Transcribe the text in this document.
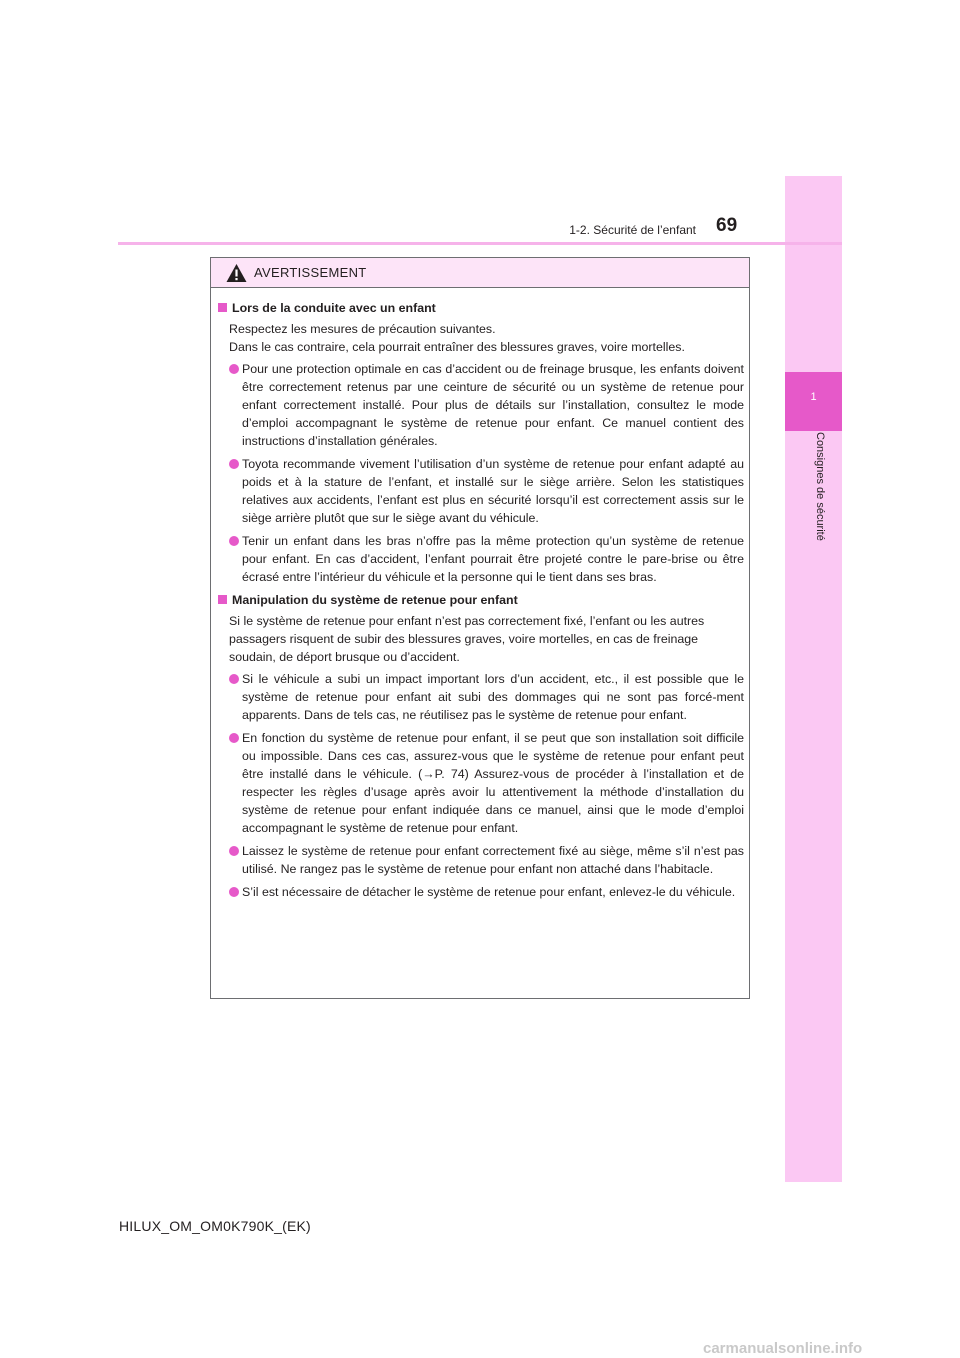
1
Consignes de sécurité
1-2. Sécurité de l’enfant 69
AVERTISSEMENT
Lors de la conduite avec un enfant

Respectez les mesures de précaution suivantes.

Dans le cas contraire, cela pourrait entraîner des blessures graves, voire mortelles.

Pour une protection optimale en cas d’accident ou de freinage brusque, les enfants doivent être correctement retenus par une ceinture de sécurité ou un système de retenue pour enfant correctement installé. Pour plus de détails sur l’installation, consultez le mode d’emploi accompagnant le système de retenue pour enfant. Ce manuel contient des instructions d’installation générales.
Toyota recommande vivement l’utilisation d’un système de retenue pour enfant adapté au poids et à la stature de l’enfant, et installé sur le siège arrière. Selon les statistiques relatives aux accidents, l’enfant est plus en sécurité lorsqu’il est correctement assis sur le siège arrière plutôt que sur le siège avant du véhicule.
Tenir un enfant dans les bras n’offre pas la même protection qu’un système de retenue pour enfant. En cas d’accident, l’enfant pourrait être projeté contre le pare-brise ou être écrasé entre l’intérieur du véhicule et la personne qui le tient dans ses bras.
Manipulation du système de retenue pour enfant

Si le système de retenue pour enfant n’est pas correctement fixé, l’enfant ou les autres passagers risquent de subir des blessures graves, voire mortelles, en cas de freinage soudain, de déport brusque ou d’accident.

Si le véhicule a subi un impact important lors d’un accident, etc., il est possible que le système de retenue pour enfant ait subi des dommages qui ne sont pas forcé-ment apparents. Dans de tels cas, ne réutilisez pas le système de retenue pour enfant.
En fonction du système de retenue pour enfant, il se peut que son installation soit difficile ou impossible. Dans ces cas, assurez-vous que le système de retenue pour enfant peut être installé dans le véhicule. (→P. 74) Assurez-vous de procéder à l’installation et de respecter les règles d’usage après avoir lu attentivement la méthode d’installation du système de retenue pour enfant indiquée dans ce manuel, ainsi que le mode d’emploi accompagnant le système de retenue pour enfant.
Laissez le système de retenue pour enfant correctement fixé au siège, même s’il n’est pas utilisé. Ne rangez pas le système de retenue pour enfant non attaché dans l’habitacle.
S’il est nécessaire de détacher le système de retenue pour enfant, enlevez-le du véhicule.
HILUX_OM_OM0K790K_(EK)
carmanualsonline.info
